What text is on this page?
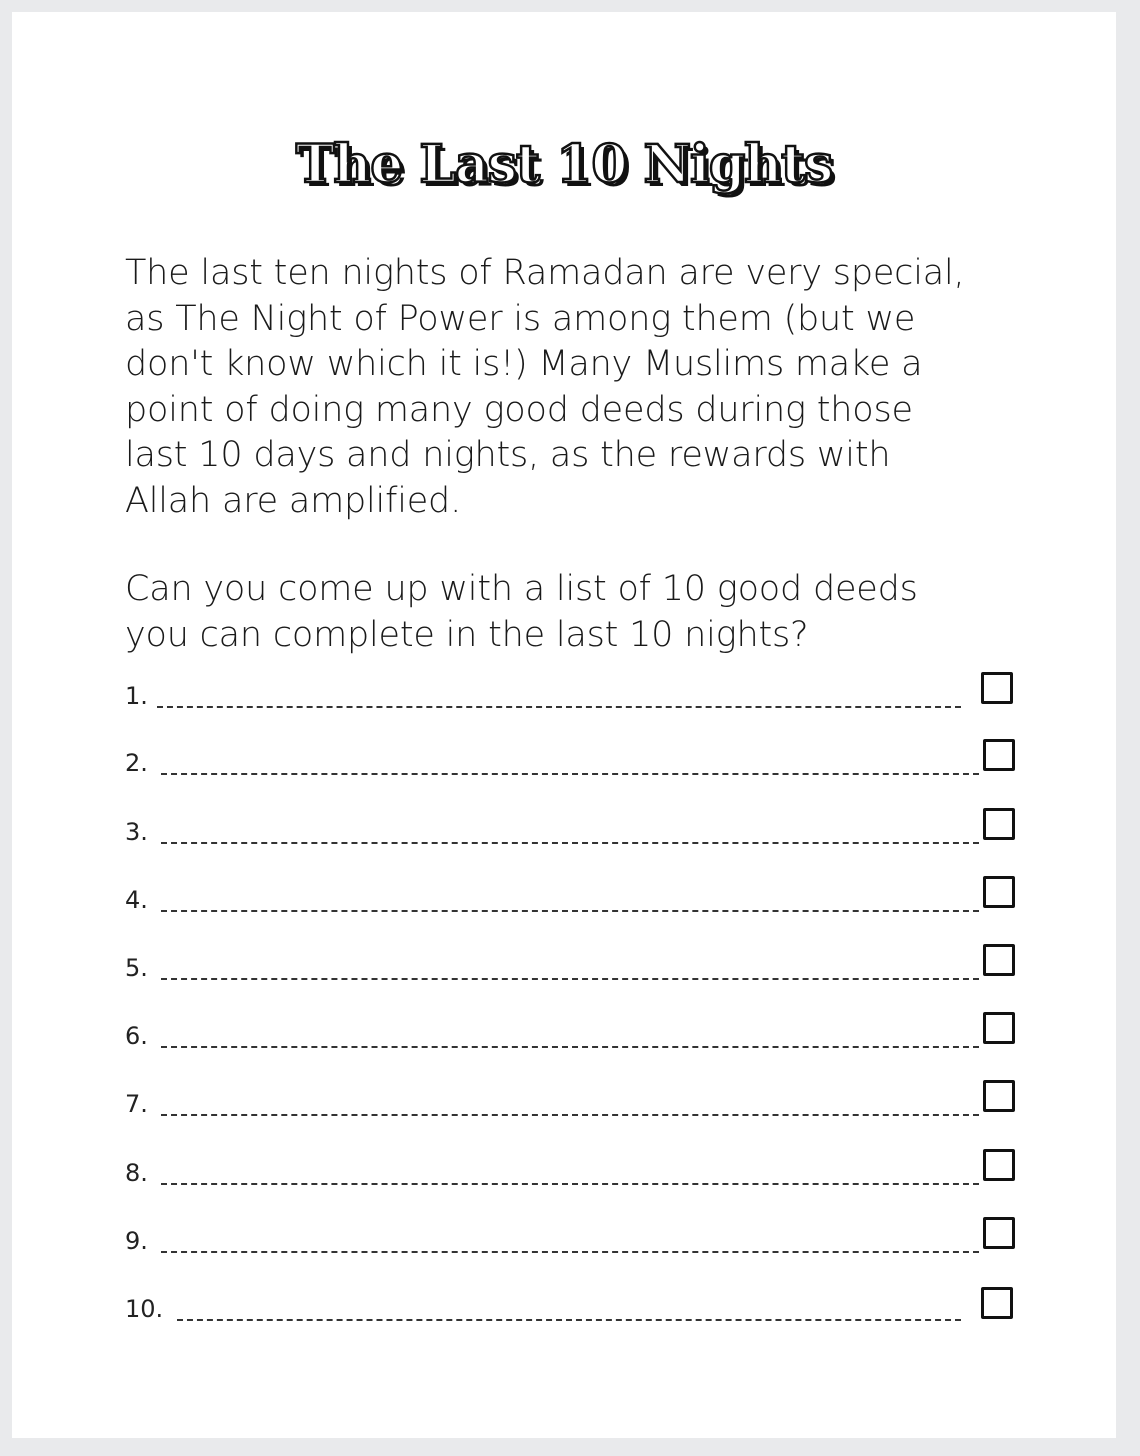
The Last 10 Nights

The last ten nights of Ramadan are very special,
as The Night of Power is among them (but we
don't know which it is!) Many Muslims make a
point of doing many good deeds during those
last 10 days and nights, as the rewards with
Allah are amplified.

Can you come up with a list of 10 good deeds
you can complete in the last 10 nights?

1.
2.
3.
4.
5.
6.
7.
8.
9.
10.
